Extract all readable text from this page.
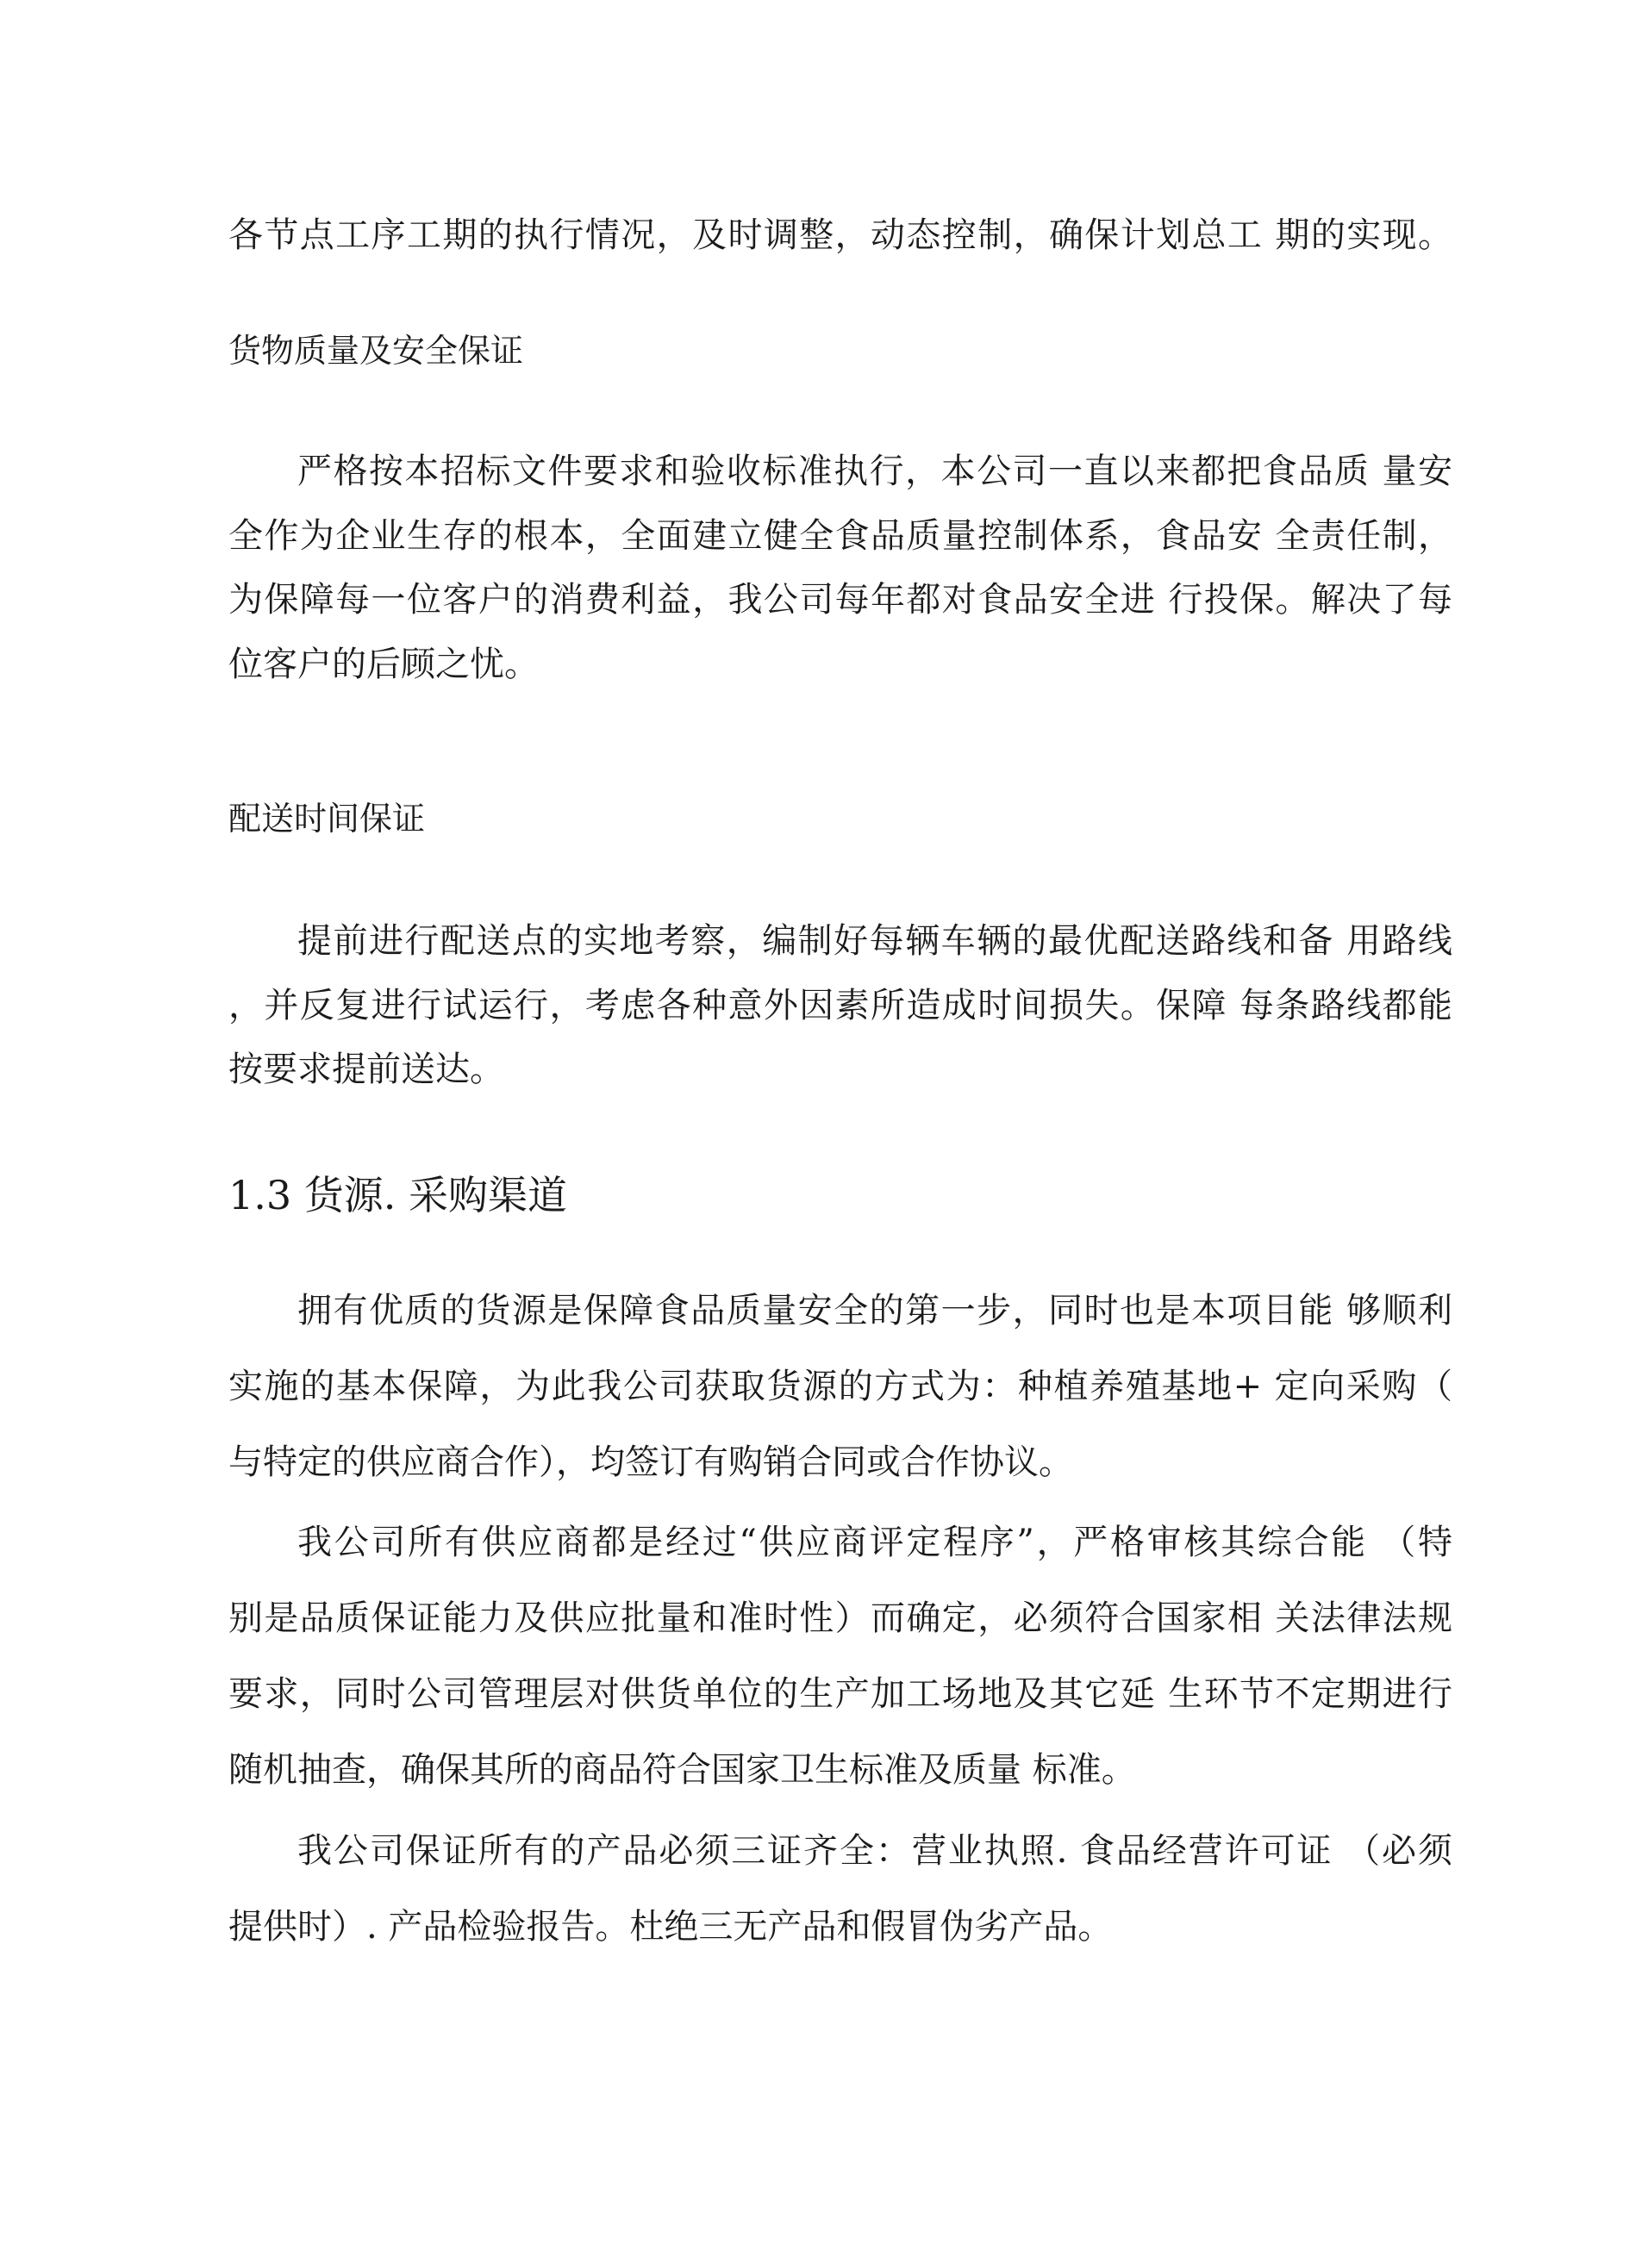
各节点工序工期的执行情况，及时调整，动态控制，确保计划总工 期的实现。
货物质量及安全保证
严格按本招标文件要求和验收标准执行，本公司一直以来都把食品质 量安
全作为企业生存的根本，全面建立健全食品质量控制体系，食品安 全责任制，
为保障每一位客户的消费利益，我公司每年都对食品安全进 行投保。解决了每
位客户的后顾之忧。
配送时间保证
提前进行配送点的实地考察，编制好每辆车辆的最优配送路线和备 用路线
，并反复进行试运行，考虑各种意外因素所造成时间损失。保障 每条路线都能
按要求提前送达。
1.3 货源. 采购渠道
拥有优质的货源是保障食品质量安全的第一步，同时也是本项目能 够顺利
实施的基本保障，为此我公司获取货源的方式为：种植养殖基地+ 定向采购（
与特定的供应商合作），均签订有购销合同或合作协议。
我公司所有供应商都是经过“供应商评定程序”，严格审核其综合能 （特
别是品质保证能力及供应批量和准时性）而确定，必须符合国家相 关法律法规
要求，同时公司管理层对供货单位的生产加工场地及其它延 生环节不定期进行
随机抽查，确保其所的商品符合国家卫生标准及质量 标准。
我公司保证所有的产品必须三证齐全：营业执照. 食品经营许可证 （必须
提供时）. 产品检验报告。杜绝三无产品和假冒伪劣产品。
